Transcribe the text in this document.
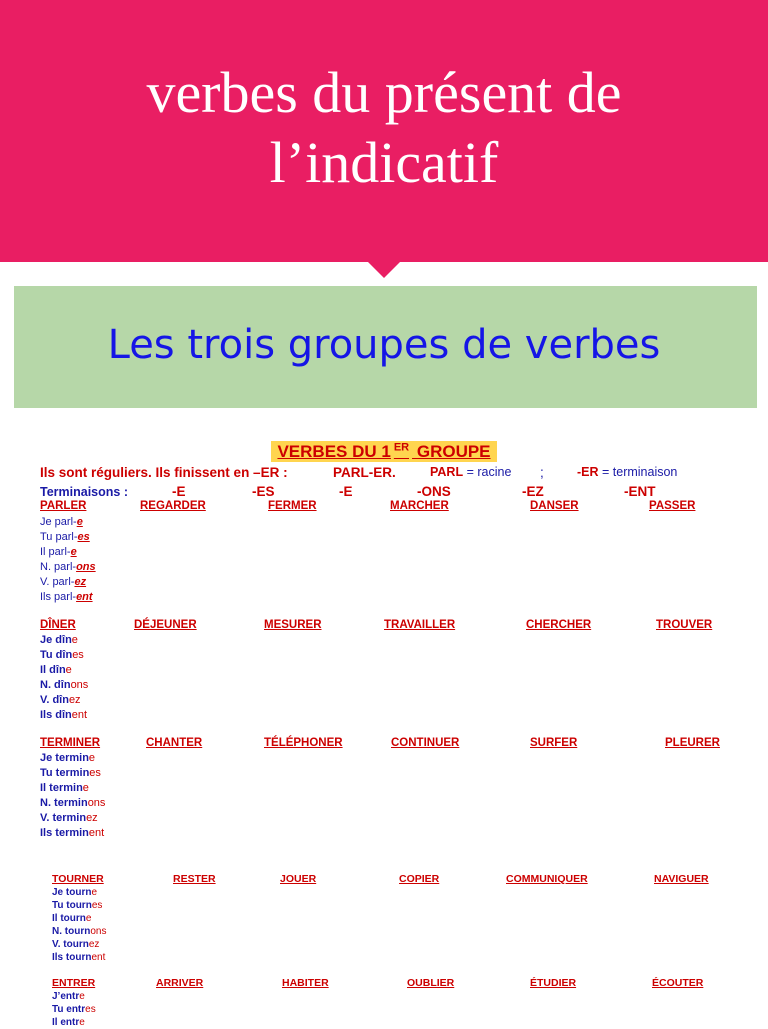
verbes du présent de
l’indicatif
Les trois groupes de verbes
VERBES DU 1 $^{ER}$ GROUPE
Ils sont réguliers. Ils finissent en –ER :	PARL-ER.	PARL = racine ;	-ER = terminaison
Terminaisons :	-E	-ES	-E	-ONS	-EZ	-ENT
PARLER	REGARDER	FERMER	MARCHER	DANSER	PASSER
Je parl-e
Tu parl-es
Il parl-e
N. parl-ons
V. parl-ez
Ils parl-ent
DÎNER	DÉJEUNER	MESURER	TRAVAILLER	CHERCHER	TROUVER
Je dîne
Tu dînes
Il dîne
N. dînons
V. dînez
Ils dînent
TERMINER	CHANTER	TÉLÉPHONER	CONTINUER	SURFER	PLEURER
Je termine
Tu termines
Il termine
N. terminons
V. terminez
Ils terminent
TOURNER	RESTER	JOUER	COPIER	COMMUNIQUER	NAVIGUER
Je tourne
Tu tournes
Il tourne
N. tournons
V. tournez
Ils tournent
ENTRER	ARRIVER	HABITER	OUBLIER	ÉTUDIER	ÉCOUTER
J’entre
Tu entres
Il entre
